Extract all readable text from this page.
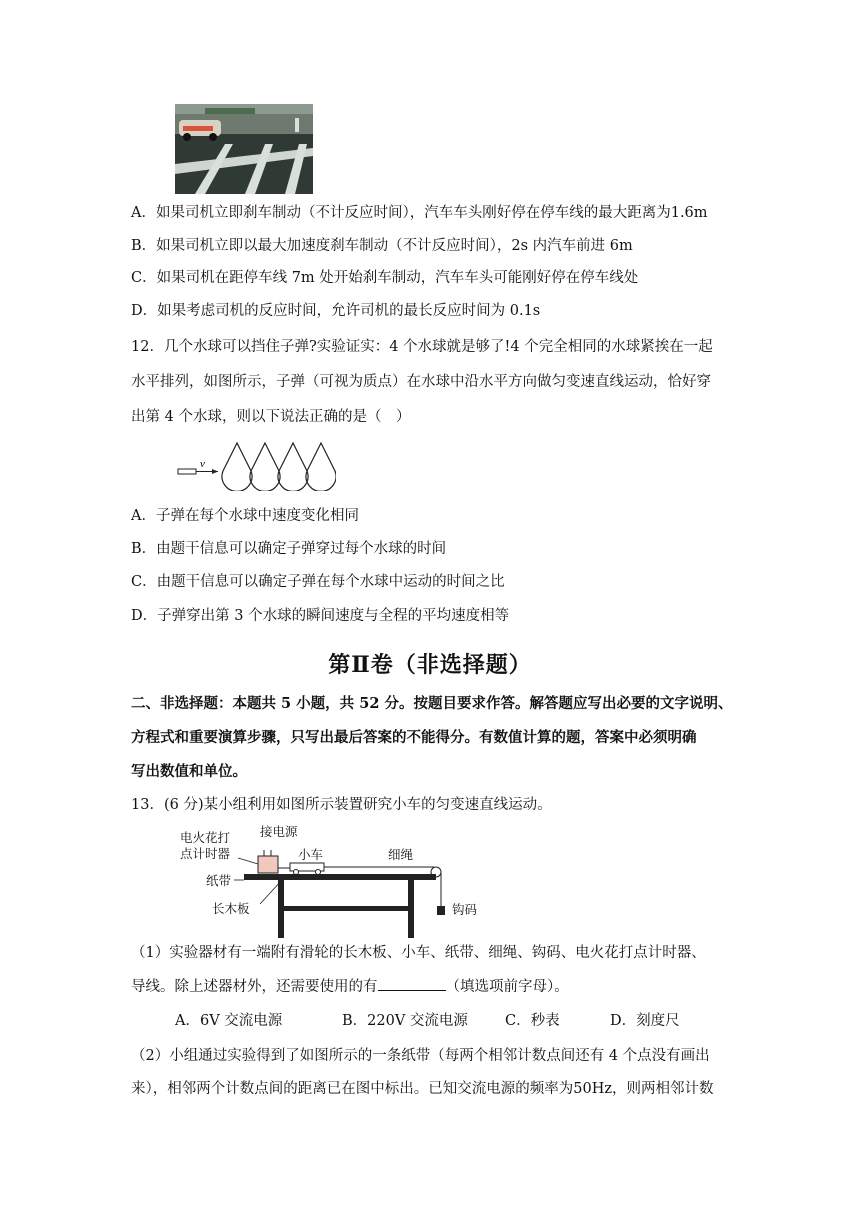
A．如果司机立即刹车制动（不计反应时间），汽车车头刚好停在停车线的最大距离为1.6m
B．如果司机立即以最大加速度刹车制动（不计反应时间），2s 内汽车前进 6m
C．如果司机在距停车线 7m 处开始刹车制动，汽车车头可能刚好停在停车线处
D．如果考虑司机的反应时间，允许司机的最长反应时间为 0.1s
12．几个水球可以挡住子弹?实验证实：4 个水球就是够了!4 个完全相同的水球紧挨在一起
水平排列，如图所示，子弹（可视为质点）在水球中沿水平方向做匀变速直线运动，恰好穿
出第 4 个水球，则以下说法正确的是（　）
v
A．子弹在每个水球中速度变化相同
B．由题干信息可以确定子弹穿过每个水球的时间
C．由题干信息可以确定子弹在每个水球中运动的时间之比
D．子弹穿出第 3 个水球的瞬间速度与全程的平均速度相等
第Ⅱ卷（非选择题）
二、非选择题：本题共 5 小题，共 52 分。按题目要求作答。解答题应写出必要的文字说明、
方程式和重要演算步骤，只写出最后答案的不能得分。有数值计算的题，答案中必须明确
写出数值和单位。
13．(6 分)某小组利用如图所示装置研究小车的匀变速直线运动。
电火花打
点计时器
接电源
小车	细绳
纸带
长木板	钩码
（1）实验器材有一端附有滑轮的长木板、小车、纸带、细绳、钩码、电火花打点计时器、
导线。除上述器材外，还需要使用的有	（填选项前字母）。
A．6V 交流电源	B．220V 交流电源	C．秒表	D．刻度尺
（2）小组通过实验得到了如图所示的一条纸带（每两个相邻计数点间还有 4 个点没有画出
来），相邻两个计数点间的距离已在图中标出。已知交流电源的频率为50Hz，则两相邻计数
